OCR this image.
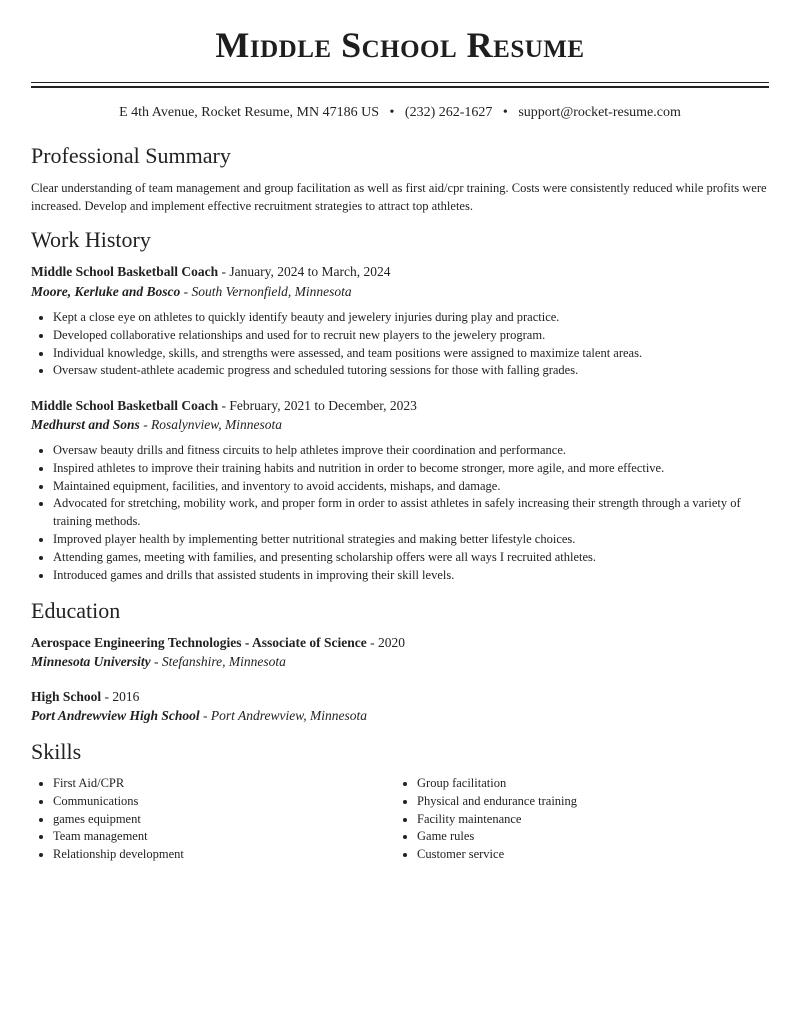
Middle School Resume
E 4th Avenue, Rocket Resume, MN 47186 US • (232) 262-1627 • support@rocket-resume.com
Professional Summary

Clear understanding of team management and group facilitation as well as first aid/cpr training. Costs were consistently reduced while profits were increased. Develop and implement effective recruitment strategies to attract top athletes.

Work History

Middle School Basketball Coach - January, 2024 to March, 2024

Moore, Kerluke and Bosco - South Vernonfield, Minnesota

• Kept a close eye on athletes to quickly identify beauty and jewelery injuries during play and practice.
• Developed collaborative relationships and used for to recruit new players to the jewelery program.
• Individual knowledge, skills, and strengths were assessed, and team positions were assigned to maximize talent areas.
• Oversaw student-athlete academic progress and scheduled tutoring sessions for those with falling grades.

Middle School Basketball Coach - February, 2021 to December, 2023

Medhurst and Sons - Rosalynview, Minnesota

• Oversaw beauty drills and fitness circuits to help athletes improve their coordination and performance.
• Inspired athletes to improve their training habits and nutrition in order to become stronger, more agile, and more effective.
• Maintained equipment, facilities, and inventory to avoid accidents, mishaps, and damage.
• Advocated for stretching, mobility work, and proper form in order to assist athletes in safely increasing their strength through a variety of training methods.
• Improved player health by implementing better nutritional strategies and making better lifestyle choices.
• Attending games, meeting with families, and presenting scholarship offers were all ways I recruited athletes.
• Introduced games and drills that assisted students in improving their skill levels.
Education

Aerospace Engineering Technologies - Associate of Science - 2020

Minnesota University - Stefanshire, Minnesota

High School - 2016

Port Andrewview High School - Port Andrewview, Minnesota

Skills
• First Aid/CPR
• Communications
• games equipment
• Team management
• Relationship development
• Group facilitation
• Physical and endurance training
• Facility maintenance
• Game rules
• Customer service
